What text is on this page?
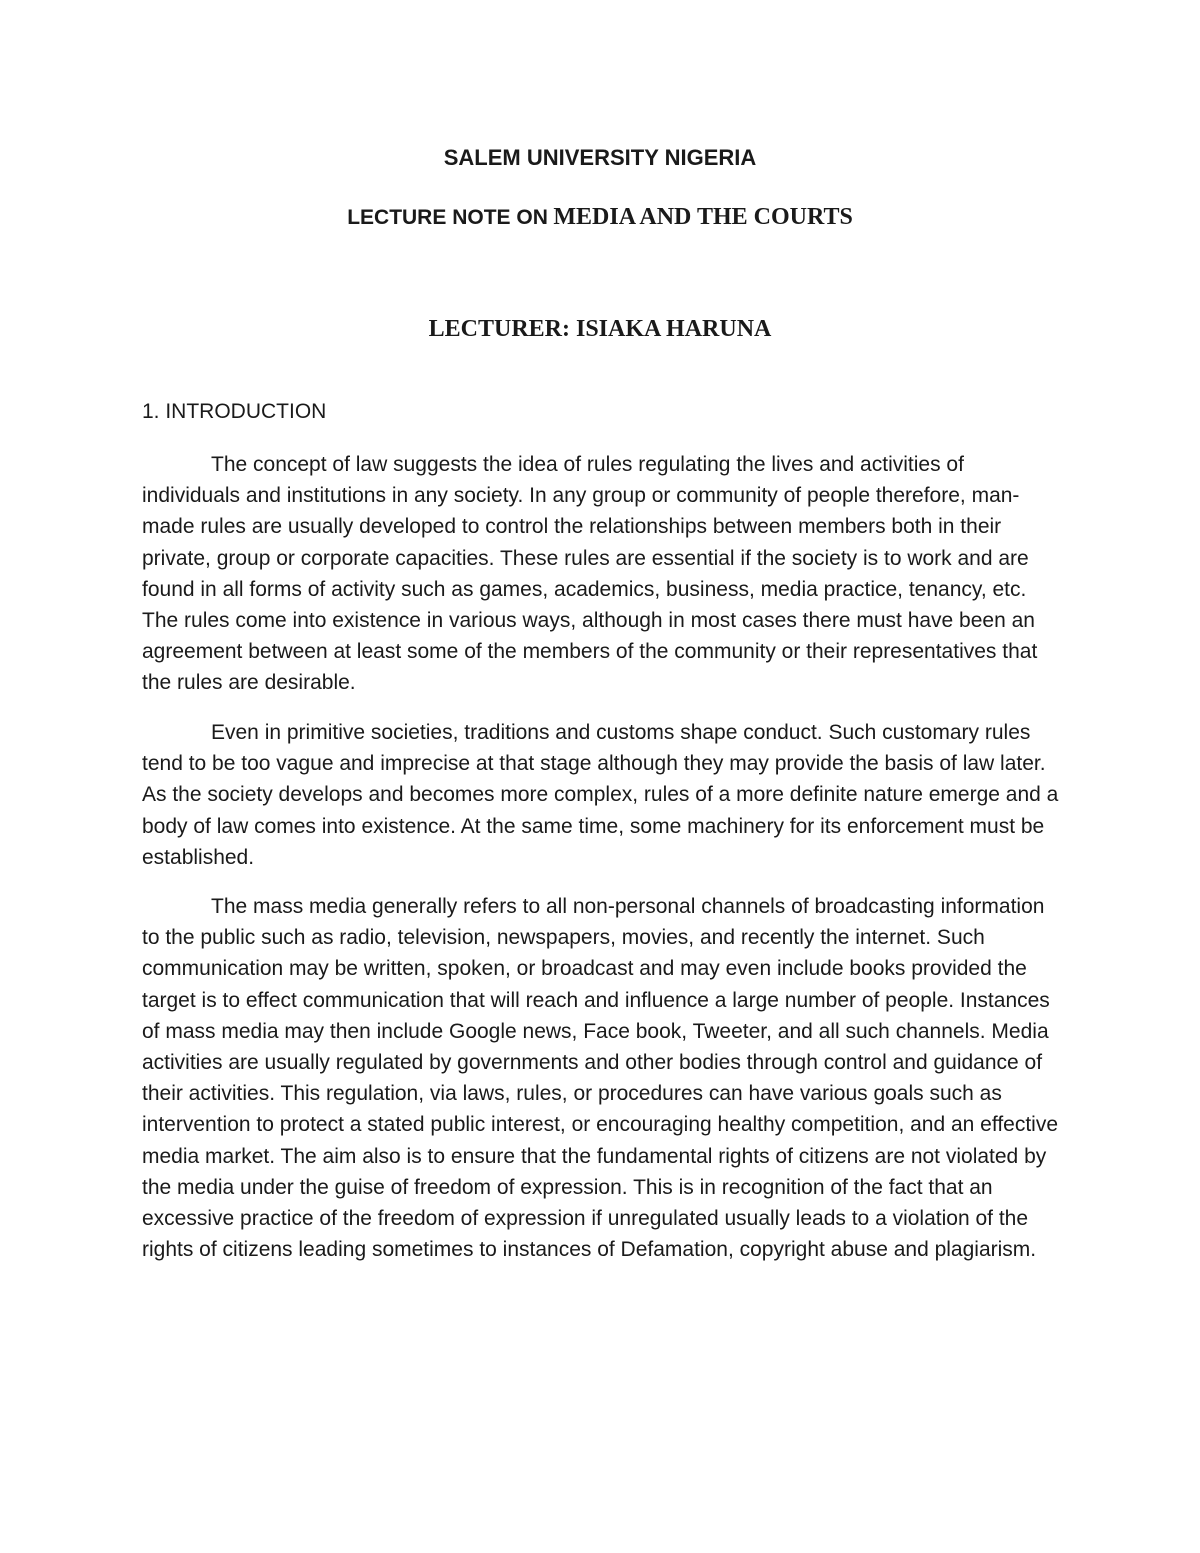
SALEM UNIVERSITY NIGERIA
LECTURE NOTE ON MEDIA AND THE COURTS
LECTURER: ISIAKA HARUNA
1. INTRODUCTION

The concept of law suggests the idea of rules regulating the lives and activities of individuals and institutions in any society. In any group or community of people therefore, man-made rules are usually developed to control the relationships between members both in their private, group or corporate capacities. These rules are essential if the society is to work and are found in all forms of activity such as games, academics, business, media practice, tenancy, etc. The rules come into existence in various ways, although in most cases there must have been an agreement between at least some of the members of the community or their representatives that the rules are desirable.

Even in primitive societies, traditions and customs shape conduct. Such customary rules tend to be too vague and imprecise at that stage although they may provide the basis of law later. As the society develops and becomes more complex, rules of a more definite nature emerge and a body of law comes into existence. At the same time, some machinery for its enforcement must be established.

The mass media generally refers to all non-personal channels of broadcasting information to the public such as radio, television, newspapers, movies, and recently the internet. Such communication may be written, spoken, or broadcast and may even include books provided the target is to effect communication that will reach and influence a large number of people. Instances of mass media may then include Google news, Face book, Tweeter, and all such channels. Media activities are usually regulated by governments and other bodies through control and guidance of their activities. This regulation, via laws, rules, or procedures can have various goals such as intervention to protect a stated public interest, or encouraging healthy competition, and an effective media market. The aim also is to ensure that the fundamental rights of citizens are not violated by the media under the guise of freedom of expression. This is in recognition of the fact that an excessive practice of the freedom of expression if unregulated usually leads to a violation of the rights of citizens leading sometimes to instances of Defamation, copyright abuse and plagiarism.
